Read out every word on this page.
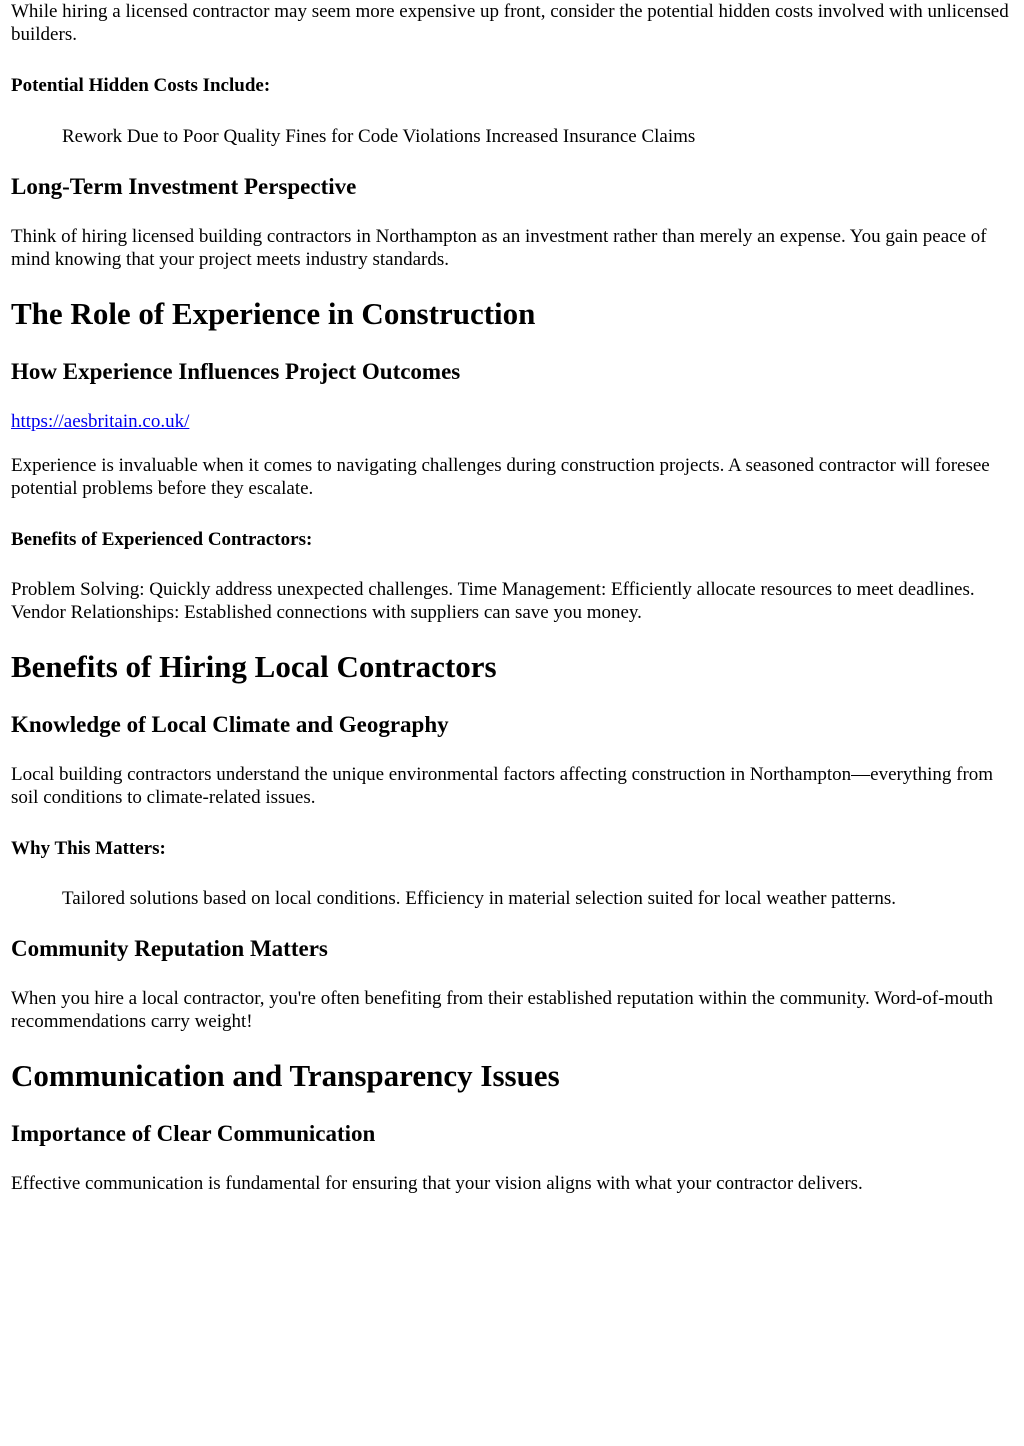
While hiring a licensed contractor may seem more expensive up front, consider the potential hidden costs involved with unlicensed builders.

Potential Hidden Costs Include:

Rework Due to Poor Quality Fines for Code Violations Increased Insurance Claims

Long-Term Investment Perspective

Think of hiring licensed building contractors in Northampton as an investment rather than merely an expense. You gain peace of mind knowing that your project meets industry standards.

The Role of Experience in Construction
How Experience Influences Project Outcomes
https://aesbritain.co.uk/

Experience is invaluable when it comes to navigating challenges during construction projects. A seasoned contractor will foresee potential problems before they escalate.

Benefits of Experienced Contractors:

Problem Solving: Quickly address unexpected challenges. Time Management: Efficiently allocate resources to meet deadlines. Vendor Relationships: Established connections with suppliers can save you money.

Benefits of Hiring Local Contractors
Knowledge of Local Climate and Geography

Local building contractors understand the unique environmental factors affecting construction in Northampton—everything from soil conditions to climate-related issues.

Why This Matters:

Tailored solutions based on local conditions. Efficiency in material selection suited for local weather patterns.

Community Reputation Matters

When you hire a local contractor, you're often benefiting from their established reputation within the community. Word-of-mouth recommendations carry weight!

Communication and Transparency Issues
Importance of Clear Communication

Effective communication is fundamental for ensuring that your vision aligns with what your contractor delivers.
